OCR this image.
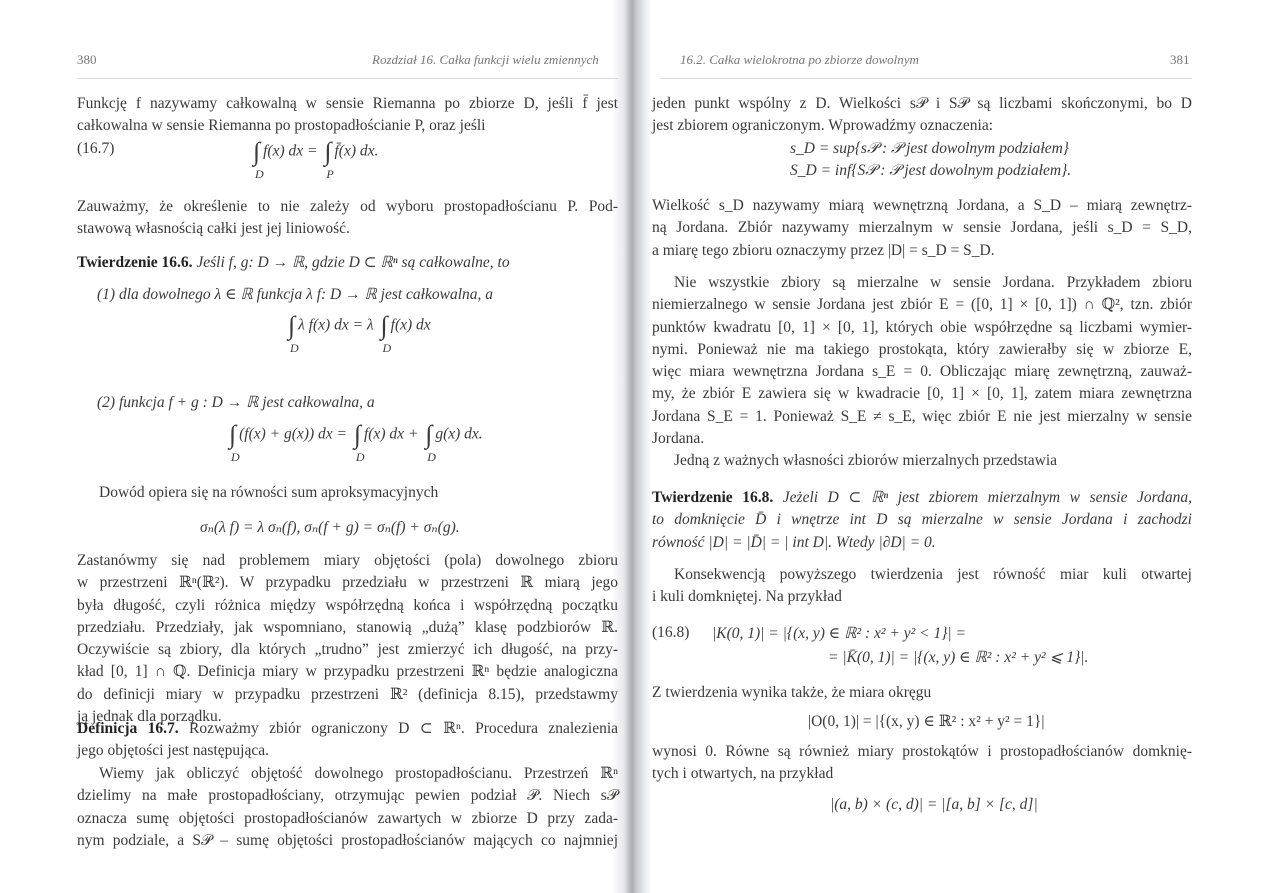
380	Rozdział 16. Całka funkcji wielu zmiennych
Funkcję f nazywamy całkowalną w sensie Riemanna po zbiorze D, jeśli f̄ jest
całkowalna w sensie Riemanna po prostopadłościanie P, oraz jeśli
(16.7)	∫
D
f(x) dx = ∫
P
f̄(x) dx.
Zauważmy, że określenie to nie zależy od wyboru prostopadłościanu P. Pod-
stawową własnością całki jest jej liniowość.
Twierdzenie 16.6. Jeśli f, g: D → ℝ, gdzie D ⊂ ℝⁿ są całkowalne, to
(1) dla dowolnego λ ∈ ℝ funkcja λ f: D → ℝ jest całkowalna, a
∫
D
λ f(x) dx = λ ∫
D
f(x) dx
(2) funkcja f + g : D → ℝ jest całkowalna, a
∫
D
(f(x) + g(x)) dx = ∫
D
f(x) dx + ∫
D
g(x) dx.
Dowód opiera się na równości sum aproksymacyjnych
σₙ(λ f) = λ σₙ(f), σₙ(f + g) = σₙ(f) + σₙ(g).
Zastanówmy się nad problemem miary objętości (pola) dowolnego zbioru
w przestrzeni ℝⁿ(ℝ²). W przypadku przedziału w przestrzeni ℝ miarą jego
była długość, czyli różnica między współrzędną końca i współrzędną początku
przedziału. Przedziały, jak wspomniano, stanowią „dużą” klasę podzbiorów ℝ.
Oczywiście są zbiory, dla których „trudno” jest zmierzyć ich długość, na przy-
kład [0, 1] ∩ ℚ. Definicja miary w przypadku przestrzeni ℝⁿ będzie analogiczna
do definicji miary w przypadku przestrzeni ℝ² (definicja 8.15), przedstawmy
ją jednak dla porządku.
Definicja 16.7. Rozważmy zbiór ograniczony D ⊂ ℝⁿ. Procedura znalezienia
jego objętości jest następująca.
Wiemy jak obliczyć objętość dowolnego prostopadłościanu. Przestrzeń ℝⁿ
dzielimy na małe prostopadłościany, otrzymując pewien podział 𝒫. Niech s𝒫
oznacza sumę objętości prostopadłościanów zawartych w zbiorze D przy zada-
nym podziale, a S𝒫 – sumę objętości prostopadłościanów mających co najmniej
16.2. Całka wielokrotna po zbiorze dowolnym	381
jeden punkt wspólny z D. Wielkości s𝒫 i S𝒫 są liczbami skończonymi, bo D
jest zbiorem ograniczonym. Wprowadźmy oznaczenia:
s_D = sup{s𝒫 : 𝒫 jest dowolnym podziałem}
S_D = inf{S𝒫 : 𝒫 jest dowolnym podziałem}.
Wielkość s_D nazywamy miarą wewnętrzną Jordana, a S_D – miarą zewnętrz-
ną Jordana. Zbiór nazywamy mierzalnym w sensie Jordana, jeśli s_D = S_D,
a miarę tego zbioru oznaczymy przez |D| = s_D = S_D.
Nie wszystkie zbiory są mierzalne w sensie Jordana. Przykładem zbioru
niemierzalnego w sensie Jordana jest zbiór E = ([0, 1] × [0, 1]) ∩ ℚ², tzn. zbiór
punktów kwadratu [0, 1] × [0, 1], których obie współrzędne są liczbami wymier-
nymi. Ponieważ nie ma takiego prostokąta, który zawierałby się w zbiorze E,
więc miara wewnętrzna Jordana s_E = 0. Obliczając miarę zewnętrzną, zauważ-
my, że zbiór E zawiera się w kwadracie [0, 1] × [0, 1], zatem miara zewnętrzna
Jordana S_E = 1. Ponieważ S_E ≠ s_E, więc zbiór E nie jest mierzalny w sensie
Jordana.
Jedną z ważnych własności zbiorów mierzalnych przedstawia
Twierdzenie 16.8. Jeżeli D ⊂ ℝⁿ jest zbiorem mierzalnym w sensie Jordana,
to domknięcie D̄ i wnętrze int D są mierzalne w sensie Jordana i zachodzi
równość |D| = |D̄| = | int D|. Wtedy |∂D| = 0.
Konsekwencją powyższego twierdzenia jest równość miar kuli otwartej
i kuli domkniętej. Na przykład
(16.8) |K(0, 1)| = |{(x, y) ∈ ℝ² : x² + y² < 1}| =
= |K̄(0, 1)| = |{(x, y) ∈ ℝ² : x² + y² ⩽ 1}|.
Z twierdzenia wynika także, że miara okręgu
|O(0, 1)| = |{(x, y) ∈ ℝ² : x² + y² = 1}|
wynosi 0. Równe są również miary prostokątów i prostopadłościanów domknię-
tych i otwartych, na przykład
|(a, b) × (c, d)| = |[a, b] × [c, d]|
